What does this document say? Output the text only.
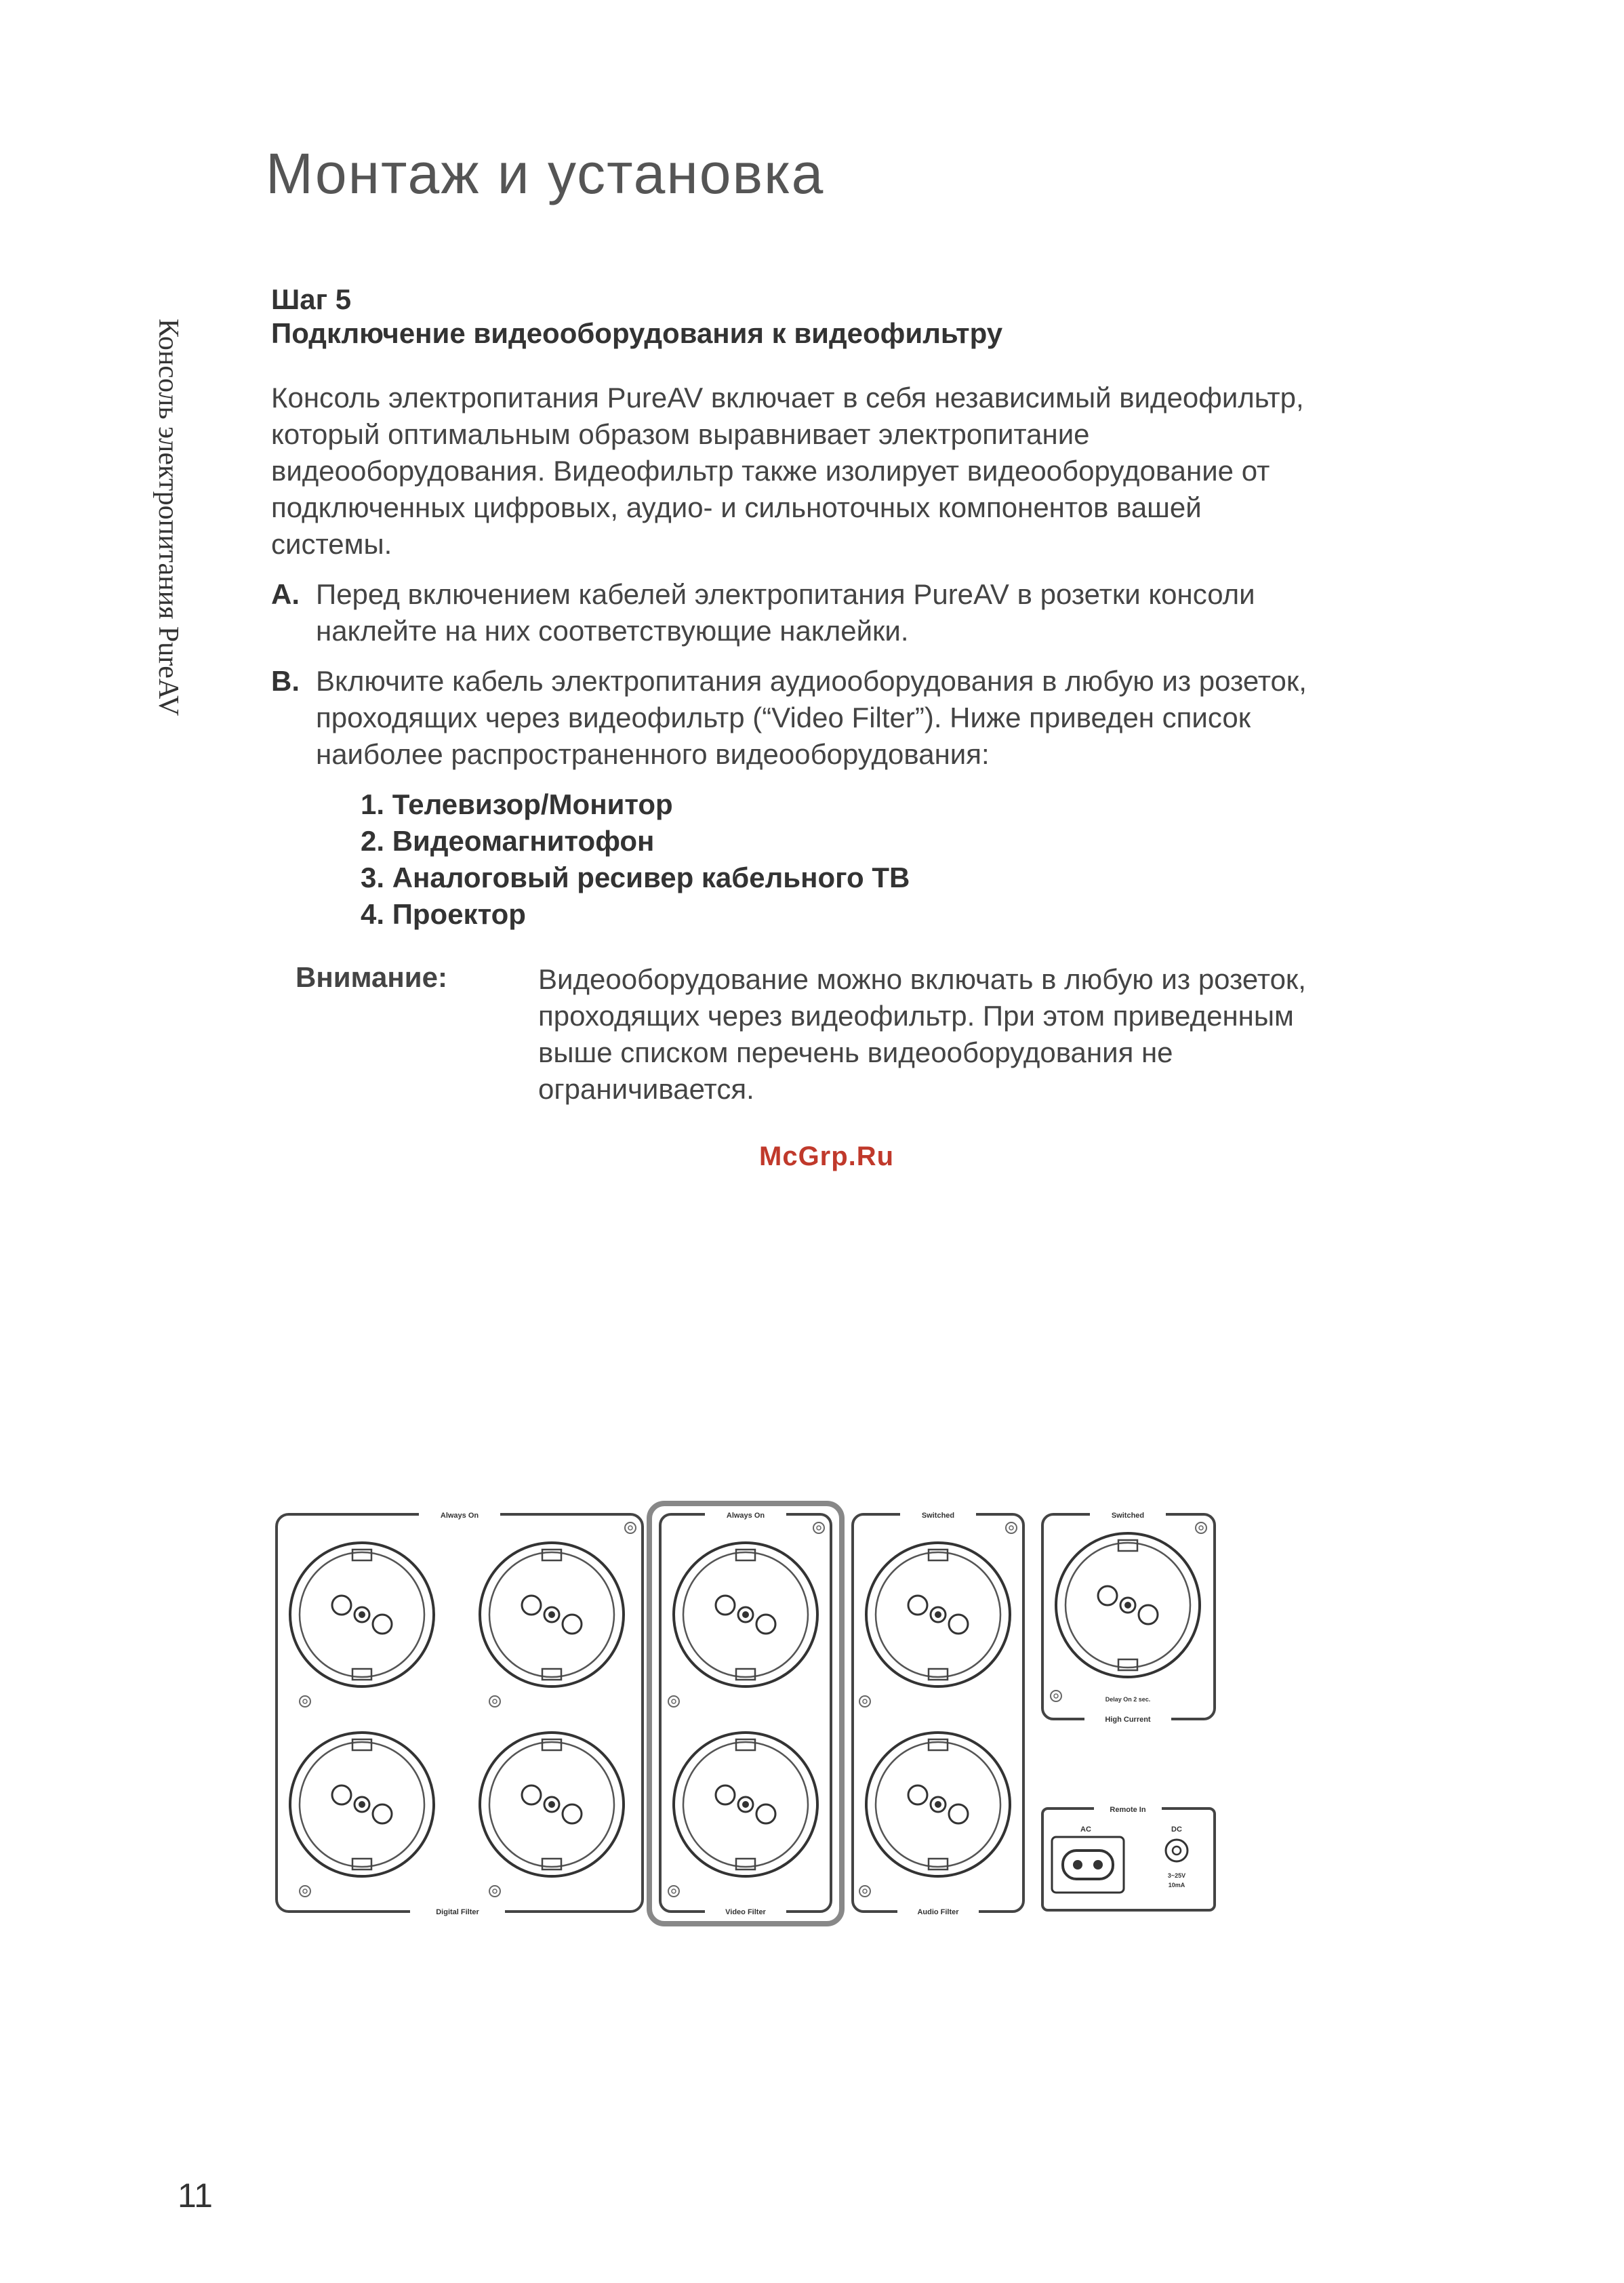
Монтаж и установка
Консоль электропитания PureAV
Шаг 5
Подключение видеооборудования к видеофильтру
Консоль электропитания PureAV включает в себя независимый видеофильтр, который оптимальным образом выравнивает электропитание видеооборудования. Видеофильтр также изолирует видеооборудование от подключенных цифровых, аудио- и сильноточных компонентов вашей системы.
A. Перед включением кабелей электропитания PureAV в розетки консоли наклейте на них соответствующие наклейки.
B. Включите кабель электропитания аудиооборудования в любую из розеток, проходящих через видеофильтр (“Video Filter”). Ниже приведен список наиболее распространенного видеооборудования:
1. Телевизор/Монитор
2. Видеомагнитофон
3. Аналоговый ресивер кабельного ТВ
4. Проектор
Внимание:	Видеооборудование можно включать в любую из розеток, проходящих через видеофильтр. При этом приведенным выше списком перечень видеооборудования не ограничивается.
McGrp.Ru
Always On
Digital Filter
Always On
Video Filter
Switched
Audio Filter
Switched
High Current
Delay On 2 sec.
Remote In
AC	DC
3~25V
10mA
11
